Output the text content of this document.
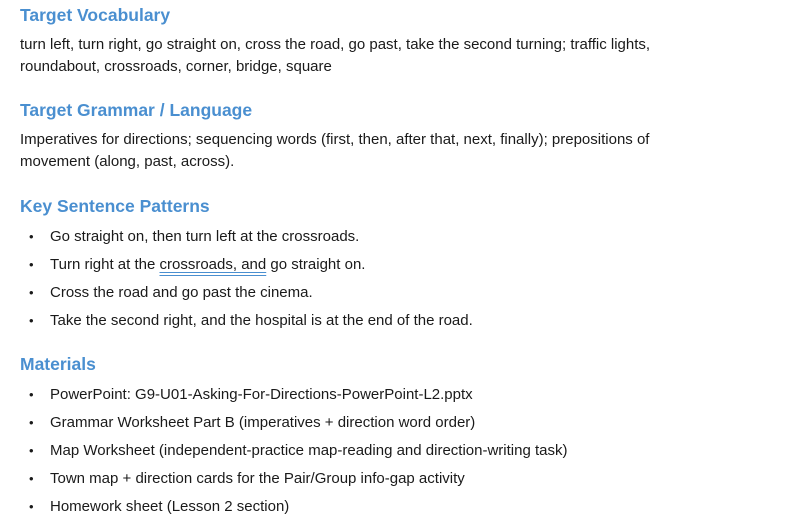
Target Vocabulary

turn left, turn right, go straight on, cross the road, go past, take the second turning; traffic lights,

roundabout, crossroads, corner, bridge, square

Target Grammar / Language

Imperatives for directions; sequencing words (first, then, after that, next, finally); prepositions of

movement (along, past, across).

Key Sentence Patterns
• Go straight on, then turn left at the crossroads.
• Turn right at the crossroads, and go straight on.
• Cross the road and go past the cinema.
• Take the second right, and the hospital is at the end of the road.
Materials
• PowerPoint: G9-U01-Asking-For-Directions-PowerPoint-L2.pptx
• Grammar Worksheet Part B (imperatives + direction word order)
• Map Worksheet (independent-practice map-reading and direction-writing task)
• Town map + direction cards for the Pair/Group info-gap activity
• Homework sheet (Lesson 2 section)
